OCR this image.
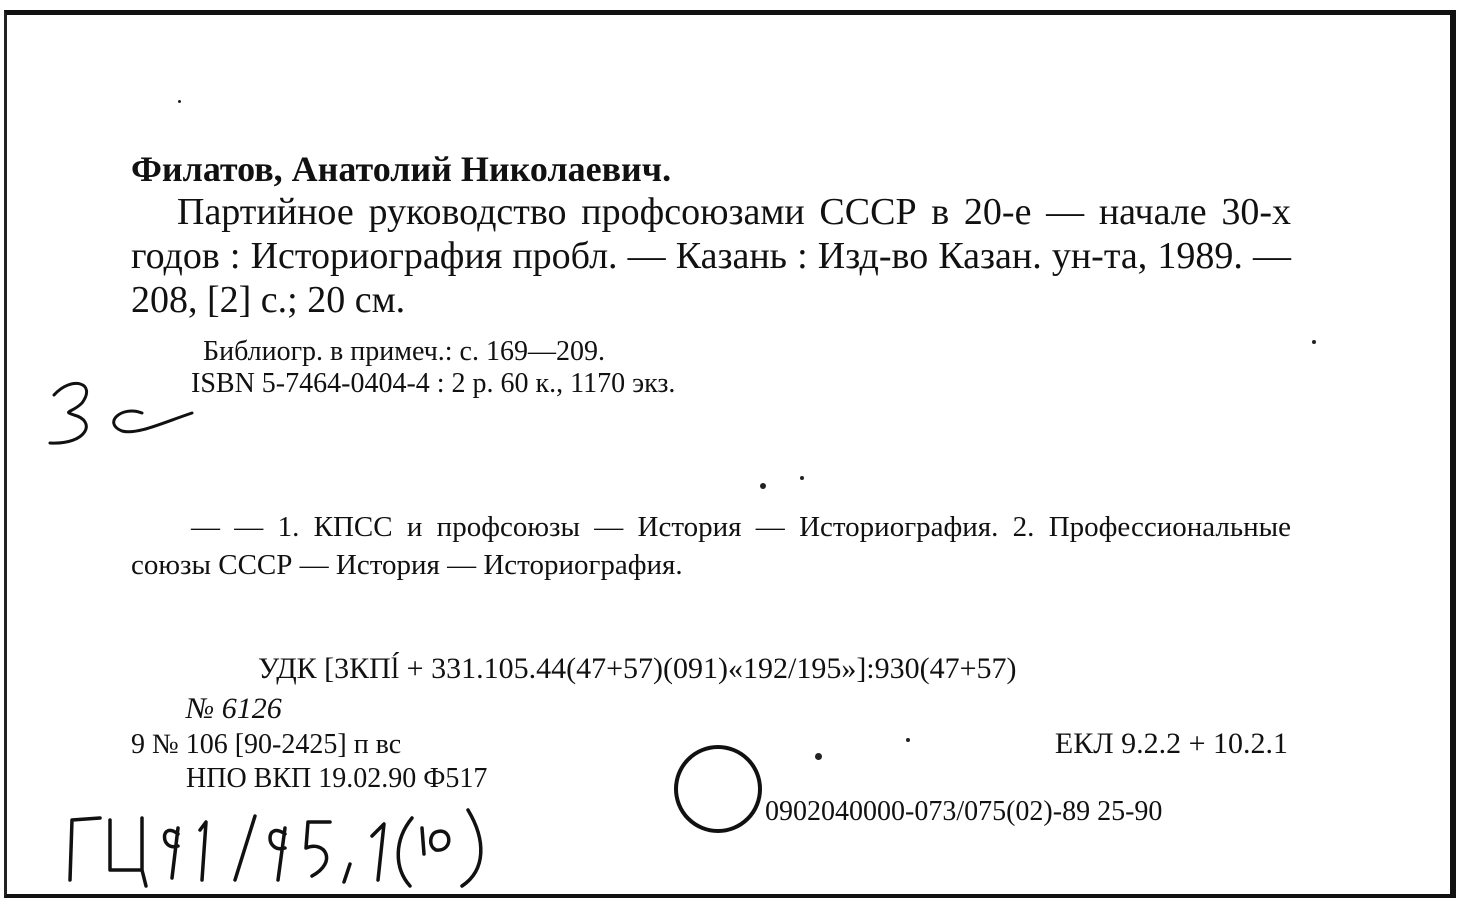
Филатов, Анатолий Николаевич.
Партийное руководство профсоюзами СССР в 20-е — начале 30-х годов : Историография пробл. — Казань : Изд-во Казан. ун-та, 1989. — 208, [2] с.; 20 см.
Библиогр. в примеч.: с. 169—209.
ISBN 5-7464-0404-4 : 2 р. 60 к., 1170 экз.
— — 1. КПСС и профсоюзы — История — Историография. 2. Профессиональные союзы СССР — История — Историография.
УДК [3КПĺ + 331.105.44(47+57)(091)«192/195»]:930(47+57)
№ 6126
9 № 106 [90-2425] п вс	ЕКЛ 9.2.2 + 10.2.1
НПО ВКП 19.02.90 Ф517
0902040000-073/075(02)-89 25-90
